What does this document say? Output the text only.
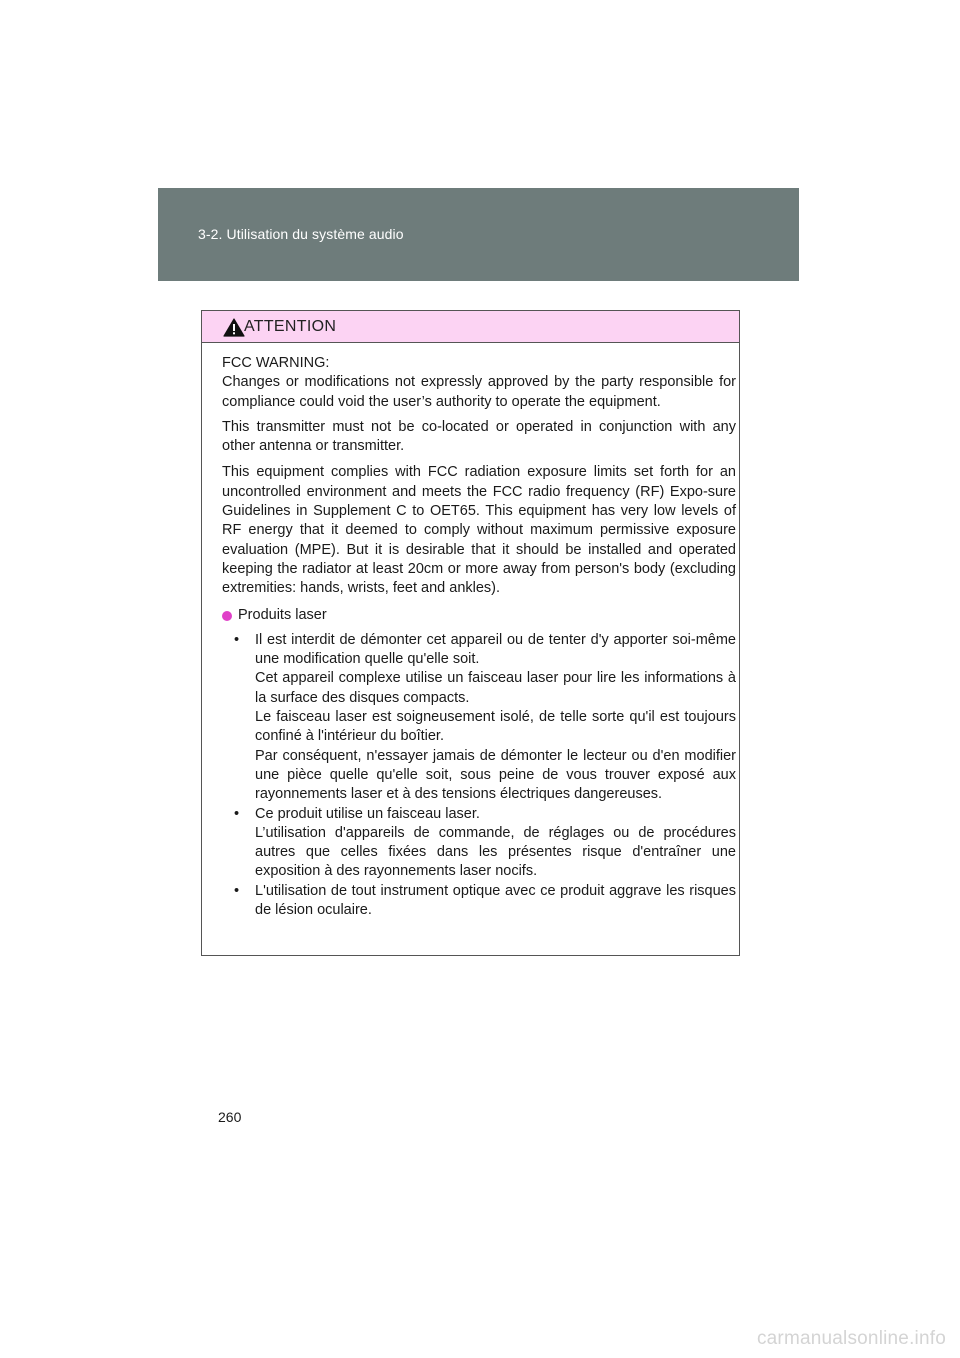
3-2. Utilisation du système audio
ATTENTION

FCC WARNING:
Changes or modifications not expressly approved by the party responsible for compliance could void the user’s authority to operate the equipment.

This transmitter must not be co-located or operated in conjunction with any other antenna or transmitter.

This equipment complies with FCC radiation exposure limits set forth for an uncontrolled environment and meets the FCC radio frequency (RF) Expo-sure Guidelines in Supplement C to OET65. This equipment has very low levels of RF energy that it deemed to comply without maximum permissive exposure evaluation (MPE). But it is desirable that it should be installed and operated keeping the radiator at least 20cm or more away from person's body (excluding extremities: hands, wrists, feet and ankles).

Produits laser
• Il est interdit de démonter cet appareil ou de tenter d'y apporter soi-même une modification quelle qu'elle soit.
Cet appareil complexe utilise un faisceau laser pour lire les informations à la surface des disques compacts.
Le faisceau laser est soigneusement isolé, de telle sorte qu'il est toujours confiné à l'intérieur du boîtier.
Par conséquent, n'essayer jamais de démonter le lecteur ou d'en modifier une pièce quelle qu'elle soit, sous peine de vous trouver exposé aux rayonnements laser et à des tensions électriques dangereuses.
• Ce produit utilise un faisceau laser.
L’utilisation d'appareils de commande, de réglages ou de procédures autres que celles fixées dans les présentes risque d'entraîner une exposition à des rayonnements laser nocifs.
• L'utilisation de tout instrument optique avec ce produit aggrave les risques de lésion oculaire.
260
carmanualsonline.info
